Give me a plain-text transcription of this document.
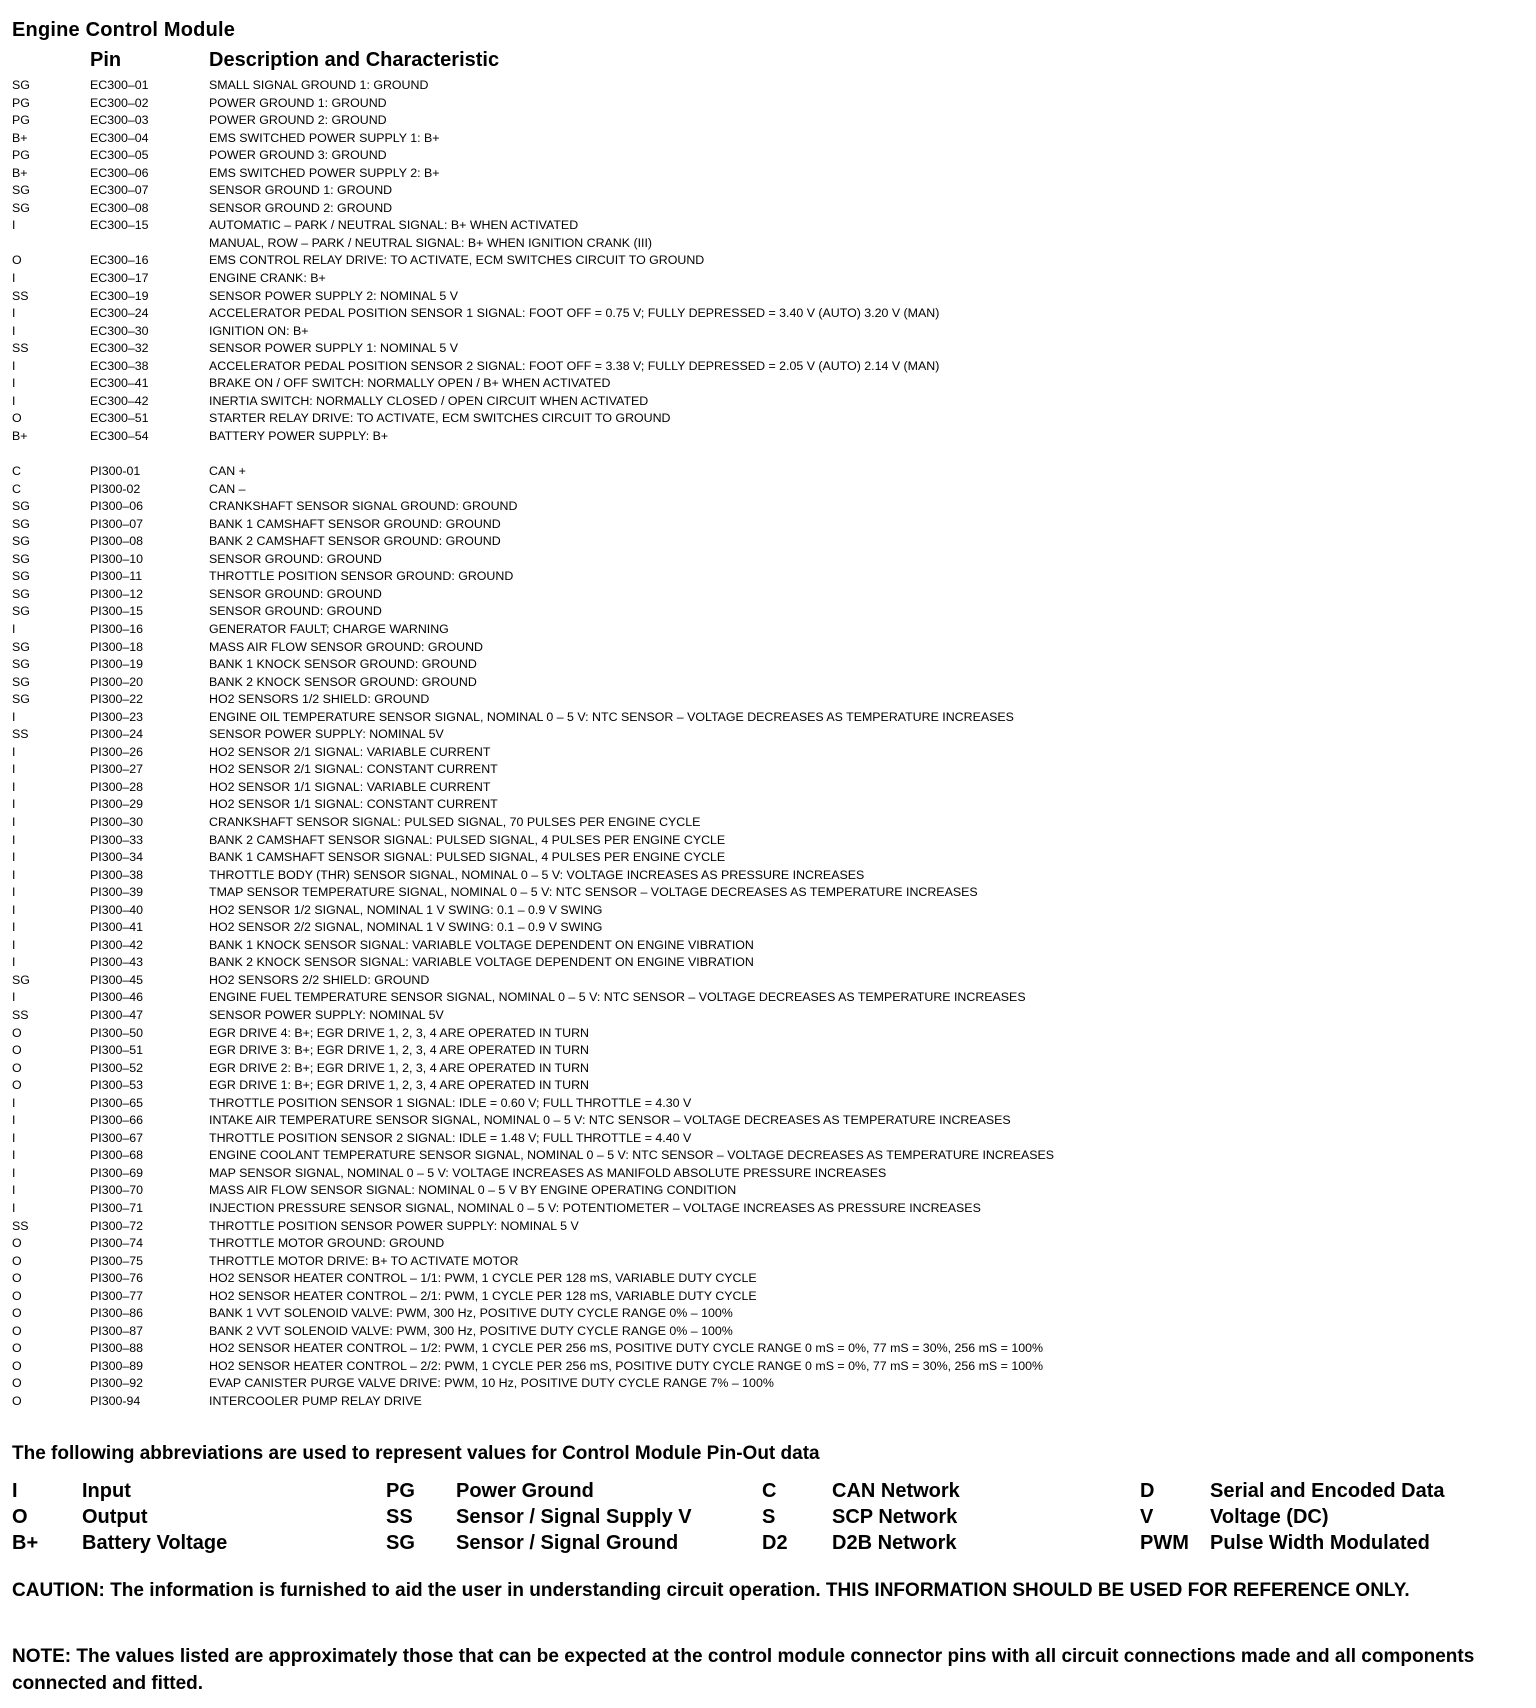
Engine Control Module
Pin	Description and Characteristic
SG	EC300–01	SMALL SIGNAL GROUND 1: GROUND
PG	EC300–02	POWER GROUND 1: GROUND
PG	EC300–03	POWER GROUND 2: GROUND
B+	EC300–04	EMS SWITCHED POWER SUPPLY 1: B+
PG	EC300–05	POWER GROUND 3: GROUND
B+	EC300–06	EMS SWITCHED POWER SUPPLY 2: B+
SG	EC300–07	SENSOR GROUND 1: GROUND
SG	EC300–08	SENSOR GROUND 2: GROUND
I	EC300–15	AUTOMATIC – PARK / NEUTRAL SIGNAL: B+ WHEN ACTIVATED
MANUAL, ROW – PARK / NEUTRAL SIGNAL: B+ WHEN IGNITION CRANK (III)
O	EC300–16	EMS CONTROL RELAY DRIVE: TO ACTIVATE, ECM SWITCHES CIRCUIT TO GROUND
I	EC300–17	ENGINE CRANK: B+
SS	EC300–19	SENSOR POWER SUPPLY 2: NOMINAL 5 V
I	EC300–24	ACCELERATOR PEDAL POSITION SENSOR 1 SIGNAL: FOOT OFF = 0.75 V; FULLY DEPRESSED = 3.40 V (AUTO) 3.20 V (MAN)
I	EC300–30	IGNITION ON: B+
SS	EC300–32	SENSOR POWER SUPPLY 1: NOMINAL 5 V
I	EC300–38	ACCELERATOR PEDAL POSITION SENSOR 2 SIGNAL: FOOT OFF = 3.38 V; FULLY DEPRESSED = 2.05 V (AUTO) 2.14 V (MAN)
I	EC300–41	BRAKE ON / OFF SWITCH: NORMALLY OPEN / B+ WHEN ACTIVATED
I	EC300–42	INERTIA SWITCH: NORMALLY CLOSED / OPEN CIRCUIT WHEN ACTIVATED
O	EC300–51	STARTER RELAY DRIVE: TO ACTIVATE, ECM SWITCHES CIRCUIT TO GROUND
B+	EC300–54	BATTERY POWER SUPPLY: B+
C	PI300-01	CAN +
C	PI300-02	CAN –
SG	PI300–06	CRANKSHAFT SENSOR SIGNAL GROUND: GROUND
SG	PI300–07	BANK 1 CAMSHAFT SENSOR GROUND: GROUND
SG	PI300–08	BANK 2 CAMSHAFT SENSOR GROUND: GROUND
SG	PI300–10	SENSOR GROUND: GROUND
SG	PI300–11	THROTTLE POSITION SENSOR GROUND: GROUND
SG	PI300–12	SENSOR GROUND: GROUND
SG	PI300–15	SENSOR GROUND: GROUND
I	PI300–16	GENERATOR FAULT; CHARGE WARNING
SG	PI300–18	MASS AIR FLOW SENSOR GROUND: GROUND
SG	PI300–19	BANK 1 KNOCK SENSOR GROUND: GROUND
SG	PI300–20	BANK 2 KNOCK SENSOR GROUND: GROUND
SG	PI300–22	HO2 SENSORS 1/2 SHIELD: GROUND
I	PI300–23	ENGINE OIL TEMPERATURE SENSOR SIGNAL, NOMINAL 0 – 5 V: NTC SENSOR – VOLTAGE DECREASES AS TEMPERATURE INCREASES
SS	PI300–24	SENSOR POWER SUPPLY: NOMINAL 5V
I	PI300–26	HO2 SENSOR 2/1 SIGNAL: VARIABLE CURRENT
I	PI300–27	HO2 SENSOR 2/1 SIGNAL: CONSTANT CURRENT
I	PI300–28	HO2 SENSOR 1/1 SIGNAL: VARIABLE CURRENT
I	PI300–29	HO2 SENSOR 1/1 SIGNAL: CONSTANT CURRENT
I	PI300–30	CRANKSHAFT SENSOR SIGNAL: PULSED SIGNAL, 70 PULSES PER ENGINE CYCLE
I	PI300–33	BANK 2 CAMSHAFT SENSOR SIGNAL: PULSED SIGNAL, 4 PULSES PER ENGINE CYCLE
I	PI300–34	BANK 1 CAMSHAFT SENSOR SIGNAL: PULSED SIGNAL, 4 PULSES PER ENGINE CYCLE
I	PI300–38	THROTTLE BODY (THR) SENSOR SIGNAL, NOMINAL 0 – 5 V: VOLTAGE INCREASES AS PRESSURE INCREASES
I	PI300–39	TMAP SENSOR TEMPERATURE SIGNAL, NOMINAL 0 – 5 V: NTC SENSOR – VOLTAGE DECREASES AS TEMPERATURE INCREASES
I	PI300–40	HO2 SENSOR 1/2 SIGNAL, NOMINAL 1 V SWING: 0.1 – 0.9 V SWING
I	PI300–41	HO2 SENSOR 2/2 SIGNAL, NOMINAL 1 V SWING: 0.1 – 0.9 V SWING
I	PI300–42	BANK 1 KNOCK SENSOR SIGNAL: VARIABLE VOLTAGE DEPENDENT ON ENGINE VIBRATION
I	PI300–43	BANK 2 KNOCK SENSOR SIGNAL: VARIABLE VOLTAGE DEPENDENT ON ENGINE VIBRATION
SG	PI300–45	HO2 SENSORS 2/2 SHIELD: GROUND
I	PI300–46	ENGINE FUEL TEMPERATURE SENSOR SIGNAL, NOMINAL 0 – 5 V: NTC SENSOR – VOLTAGE DECREASES AS TEMPERATURE INCREASES
SS	PI300–47	SENSOR POWER SUPPLY: NOMINAL 5V
O	PI300–50	EGR DRIVE 4: B+; EGR DRIVE 1, 2, 3, 4 ARE OPERATED IN TURN
O	PI300–51	EGR DRIVE 3: B+; EGR DRIVE 1, 2, 3, 4 ARE OPERATED IN TURN
O	PI300–52	EGR DRIVE 2: B+; EGR DRIVE 1, 2, 3, 4 ARE OPERATED IN TURN
O	PI300–53	EGR DRIVE 1: B+; EGR DRIVE 1, 2, 3, 4 ARE OPERATED IN TURN
I	PI300–65	THROTTLE POSITION SENSOR 1 SIGNAL: IDLE = 0.60 V; FULL THROTTLE = 4.30 V
I	PI300–66	INTAKE AIR TEMPERATURE SENSOR SIGNAL, NOMINAL 0 – 5 V: NTC SENSOR – VOLTAGE DECREASES AS TEMPERATURE INCREASES
I	PI300–67	THROTTLE POSITION SENSOR 2 SIGNAL: IDLE = 1.48 V; FULL THROTTLE = 4.40 V
I	PI300–68	ENGINE COOLANT TEMPERATURE SENSOR SIGNAL, NOMINAL 0 – 5 V: NTC SENSOR – VOLTAGE DECREASES AS TEMPERATURE INCREASES
I	PI300–69	MAP SENSOR SIGNAL, NOMINAL 0 – 5 V: VOLTAGE INCREASES AS MANIFOLD ABSOLUTE PRESSURE INCREASES
I	PI300–70	MASS AIR FLOW SENSOR SIGNAL: NOMINAL 0 – 5 V BY ENGINE OPERATING CONDITION
I	PI300–71	INJECTION PRESSURE SENSOR SIGNAL, NOMINAL 0 – 5 V: POTENTIOMETER – VOLTAGE INCREASES AS PRESSURE INCREASES
SS	PI300–72	THROTTLE POSITION SENSOR POWER SUPPLY: NOMINAL 5 V
O	PI300–74	THROTTLE MOTOR GROUND: GROUND
O	PI300–75	THROTTLE MOTOR DRIVE: B+ TO ACTIVATE MOTOR
O	PI300–76	HO2 SENSOR HEATER CONTROL – 1/1: PWM, 1 CYCLE PER 128 mS, VARIABLE DUTY CYCLE
O	PI300–77	HO2 SENSOR HEATER CONTROL – 2/1: PWM, 1 CYCLE PER 128 mS, VARIABLE DUTY CYCLE
O	PI300–86	BANK 1 VVT SOLENOID VALVE: PWM, 300 Hz, POSITIVE DUTY CYCLE RANGE 0% – 100%
O	PI300–87	BANK 2 VVT SOLENOID VALVE: PWM, 300 Hz, POSITIVE DUTY CYCLE RANGE 0% – 100%
O	PI300–88	HO2 SENSOR HEATER CONTROL – 1/2: PWM, 1 CYCLE PER 256 mS, POSITIVE DUTY CYCLE RANGE 0 mS = 0%, 77 mS = 30%, 256 mS = 100%
O	PI300–89	HO2 SENSOR HEATER CONTROL – 2/2: PWM, 1 CYCLE PER 256 mS, POSITIVE DUTY CYCLE RANGE 0 mS = 0%, 77 mS = 30%, 256 mS = 100%
O	PI300–92	EVAP CANISTER PURGE VALVE DRIVE: PWM, 10 Hz, POSITIVE DUTY CYCLE RANGE 7% – 100%
O	PI300-94	INTERCOOLER PUMP RELAY DRIVE
The following abbreviations are used to represent values for Control Module Pin-Out data
I	Input	PG Power Ground	C	CAN Network	D	Serial and Encoded Data
O	Output	SS Sensor / Signal Supply V	S	SCP Network	V	Voltage (DC)
B+ Battery Voltage	SG Sensor / Signal Ground	D2 D2B Network	PWM Pulse Width Modulated
CAUTION: The information is furnished to aid the user in understanding circuit operation. THIS INFORMATION SHOULD BE USED FOR REFERENCE ONLY.
NOTE: The values listed are approximately those that can be expected at the control module connector pins with all circuit connections made and all components connected and fitted.
